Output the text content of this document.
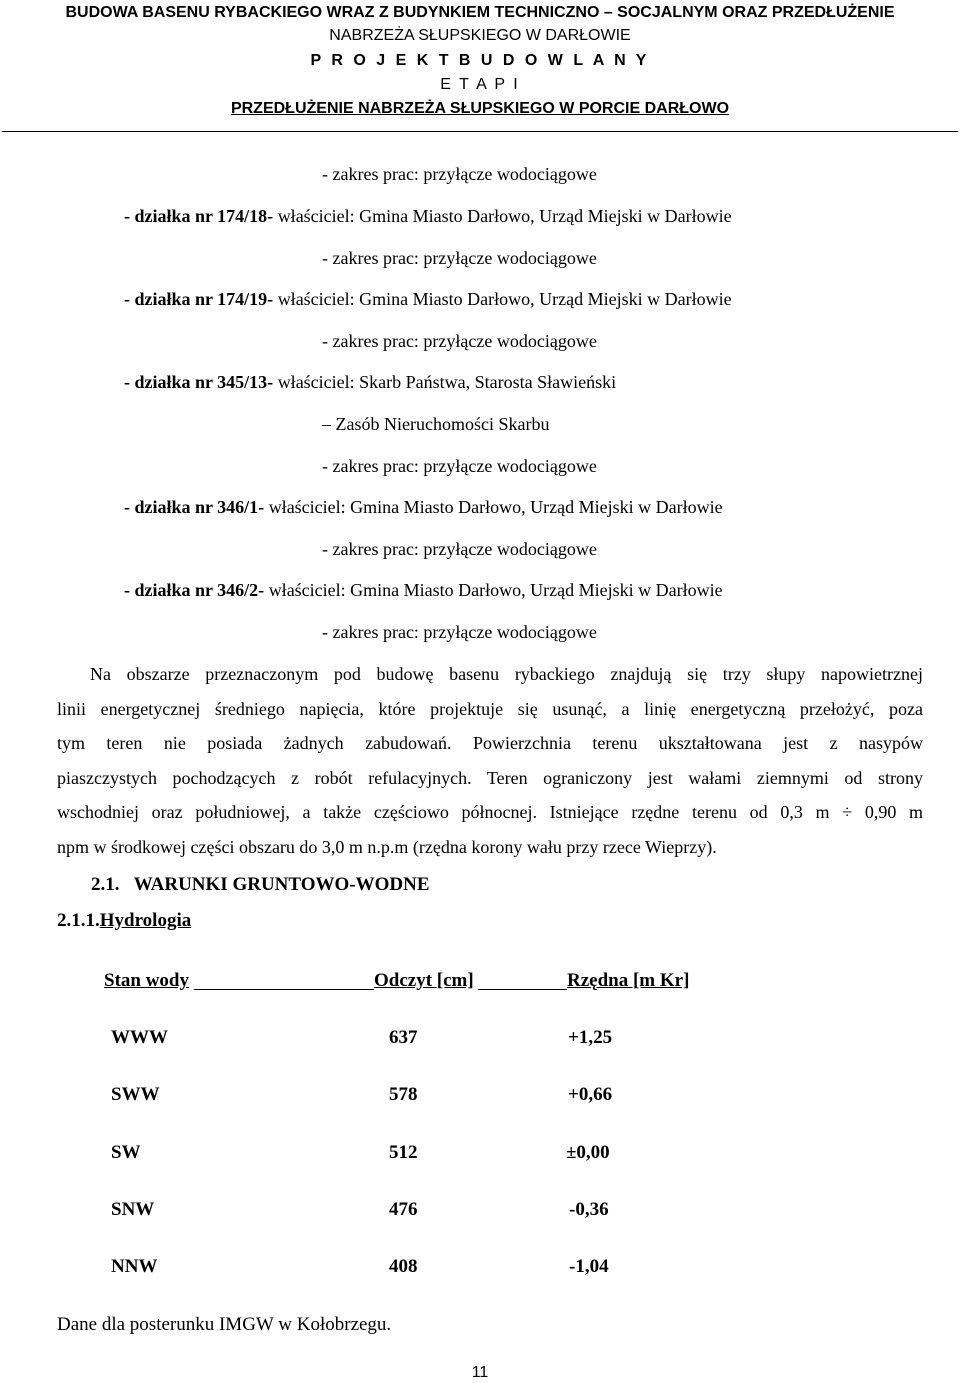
BUDOWA BASENU RYBACKIEGO WRAZ Z BUDYNKIEM TECHNICZNO – SOCJALNYM ORAZ PRZEDŁUŻENIE
NABRZEŻA SŁUPSKIEGO W DARŁOWIE
P R O J E K T B U D O W L A N Y
E T A P I
PRZEDŁUŻENIE NABRZEŻA SŁUPSKIEGO W PORCIE DARŁOWO
- zakres prac: przyłącze wodociągowe
- działka nr 174/18- właściciel: Gmina Miasto Darłowo, Urząd Miejski w Darłowie
- zakres prac: przyłącze wodociągowe
- działka nr 174/19- właściciel: Gmina Miasto Darłowo, Urząd Miejski w Darłowie
- zakres prac: przyłącze wodociągowe
- działka nr 345/13- właściciel: Skarb Państwa, Starosta Sławieński
– Zasób Nieruchomości Skarbu
- zakres prac: przyłącze wodociągowe
- działka nr 346/1- właściciel: Gmina Miasto Darłowo, Urząd Miejski w Darłowie
- zakres prac: przyłącze wodociągowe
- działka nr 346/2- właściciel: Gmina Miasto Darłowo, Urząd Miejski w Darłowie
- zakres prac: przyłącze wodociągowe
Na obszarze przeznaczonym pod budowę basenu rybackiego znajdują się trzy słupy napowietrznej
linii energetycznej średniego napięcia, które projektuje się usunąć, a linię energetyczną przełożyć, poza
tym teren nie posiada żadnych zabudowań. Powierzchnia terenu ukształtowana jest z nasypów
piaszczystych pochodzących z robót refulacyjnych. Teren ograniczony jest wałami ziemnymi od strony
wschodniej oraz południowej, a także częściowo północnej. Istniejące rzędne terenu od 0,3 m ÷ 0,90 m
npm w środkowej części obszaru do 3,0 m n.p.m (rzędna korony wału przy rzece Wieprzy).
2.1. WARUNKI GRUNTOWO-WODNE
2.1.1.Hydrologia
Stan wody	Odczyt [cm]	Rzędna [m Kr]
WWW	637	+1,25
SWW	578	+0,66
SW	512	±0,00
SNW	476	-0,36
NNW	408	-1,04
Dane dla posterunku IMGW w Kołobrzegu.
11
